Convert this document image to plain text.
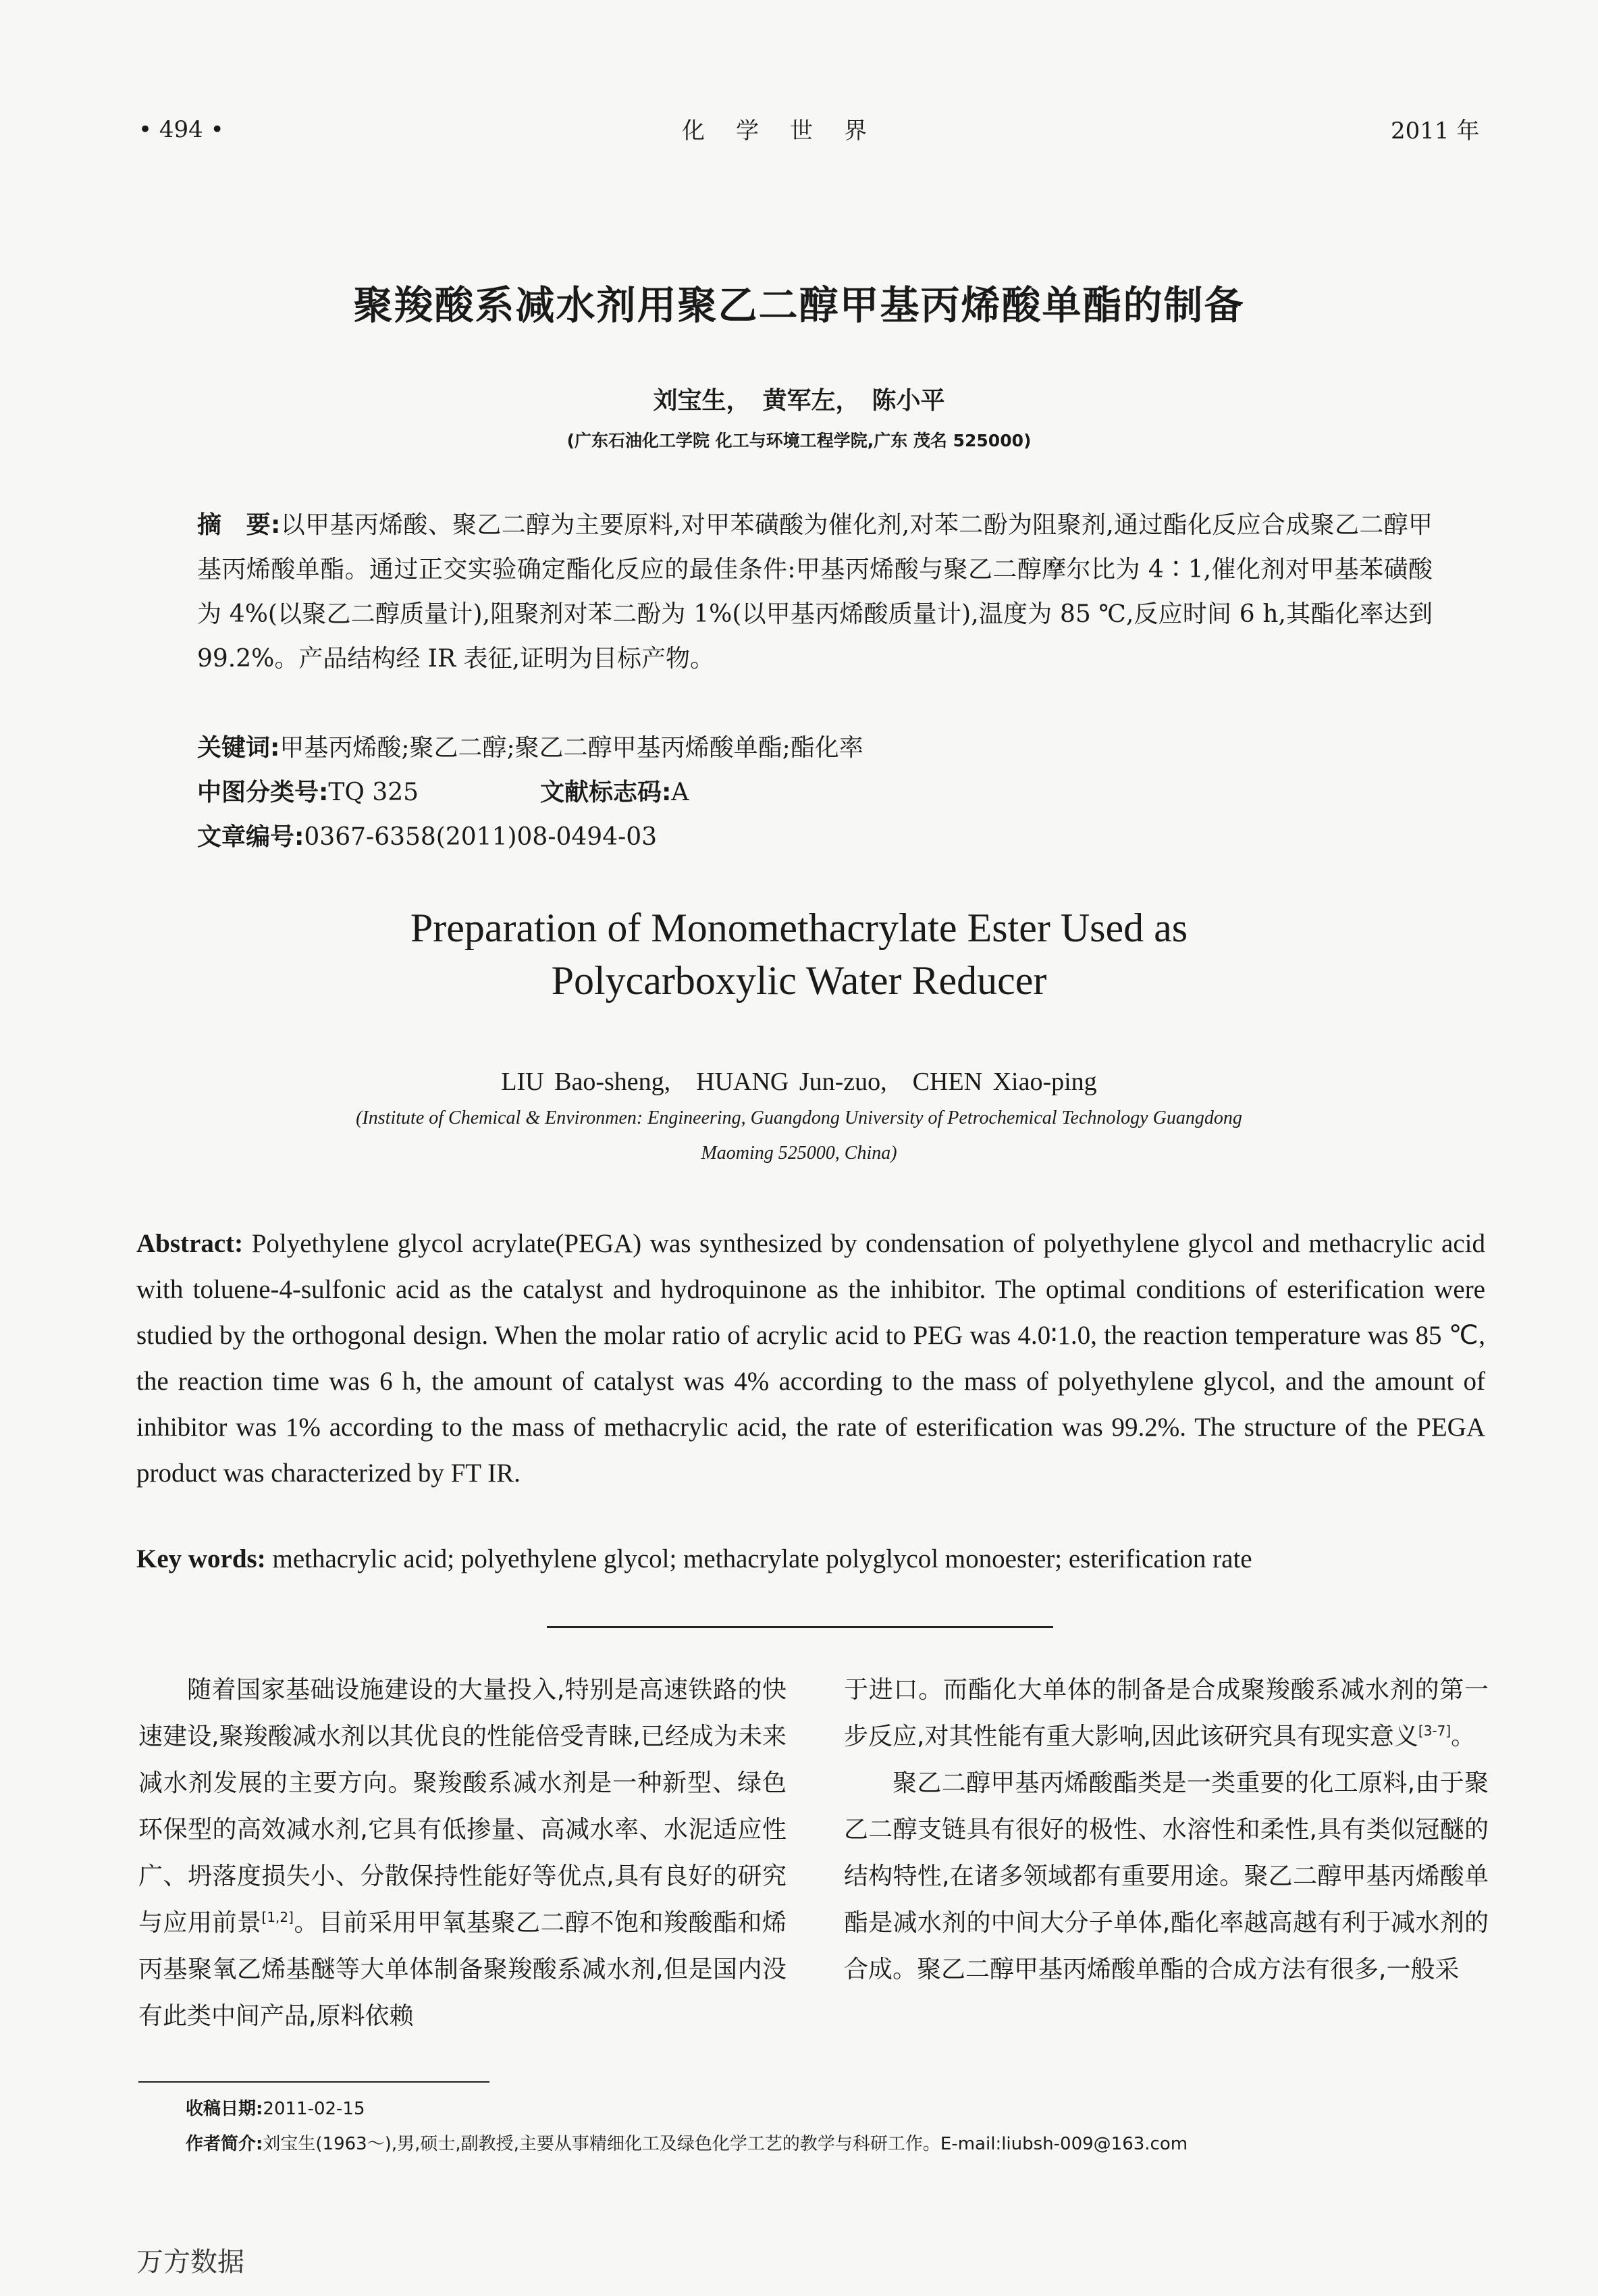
• 494 •	化　学　世　界	2011 年
聚羧酸系减水剂用聚乙二醇甲基丙烯酸单酯的制备
刘宝生，　黄军左，　陈小平
(广东石油化工学院 化工与环境工程学院,广东 茂名 525000)
摘　要:以甲基丙烯酸、聚乙二醇为主要原料,对甲苯磺酸为催化剂,对苯二酚为阻聚剂,通过酯化反应合成聚乙二醇甲基丙烯酸单酯。通过正交实验确定酯化反应的最佳条件:甲基丙烯酸与聚乙二醇摩尔比为 4∶1,催化剂对甲基苯磺酸为 4%(以聚乙二醇质量计),阻聚剂对苯二酚为 1%(以甲基丙烯酸质量计),温度为 85 ℃,反应时间 6 h,其酯化率达到 99.2%。产品结构经 IR 表征,证明为目标产物。
关键词:甲基丙烯酸;聚乙二醇;聚乙二醇甲基丙烯酸单酯;酯化率
中图分类号:TQ 325	文献标志码:A
文章编号:0367-6358(2011)08-0494-03
Preparation of Monomethacrylate Ester Used as
Polycarboxylic Water Reducer
LIU Bao-sheng,　HUANG Jun-zuo,　CHEN Xiao-ping
(Institute of Chemical & Environmen: Engineering, Guangdong University of Petrochemical Technology Guangdong
Maoming 525000, China)
Abstract: Polyethylene glycol acrylate(PEGA) was synthesized by condensation of polyethylene glycol and methacrylic acid with toluene-4-sulfonic acid as the catalyst and hydroquinone as the inhibitor. The optimal conditions of esterification were studied by the orthogonal design. When the molar ratio of acrylic acid to PEG was 4.0∶1.0, the reaction temperature was 85 ℃, the reaction time was 6 h, the amount of catalyst was 4% according to the mass of polyethylene glycol, and the amount of inhibitor was 1% according to the mass of methacrylic acid, the rate of esterification was 99.2%. The structure of the PEGA product was characterized by FT IR.
Key words: methacrylic acid; polyethylene glycol; methacrylate polyglycol monoester; esterification rate

随着国家基础设施建设的大量投入,特别是高速铁路的快速建设,聚羧酸减水剂以其优良的性能倍受青睐,已经成为未来减水剂发展的主要方向。聚羧酸系减水剂是一种新型、绿色环保型的高效减水剂,它具有低掺量、高减水率、水泥适应性广、坍落度损失小、分散保持性能好等优点,具有良好的研究与应用前景[1,2]。目前采用甲氧基聚乙二醇不饱和羧酸酯和烯丙基聚氧乙烯基醚等大单体制备聚羧酸系减水剂,但是国内没有此类中间产品,原料依赖

于进口。而酯化大单体的制备是合成聚羧酸系减水剂的第一步反应,对其性能有重大影响,因此该研究具有现实意义[3-7]。

聚乙二醇甲基丙烯酸酯类是一类重要的化工原料,由于聚乙二醇支链具有很好的极性、水溶性和柔性,具有类似冠醚的结构特性,在诸多领域都有重要用途。聚乙二醇甲基丙烯酸单酯是减水剂的中间大分子单体,酯化率越高越有利于减水剂的合成。聚乙二醇甲基丙烯酸单酯的合成方法有很多,一般采

收稿日期:2011-02-15
作者简介:刘宝生(1963～),男,硕士,副教授,主要从事精细化工及绿色化学工艺的教学与科研工作。E-mail:liubsh-009@163.com
万方数据
